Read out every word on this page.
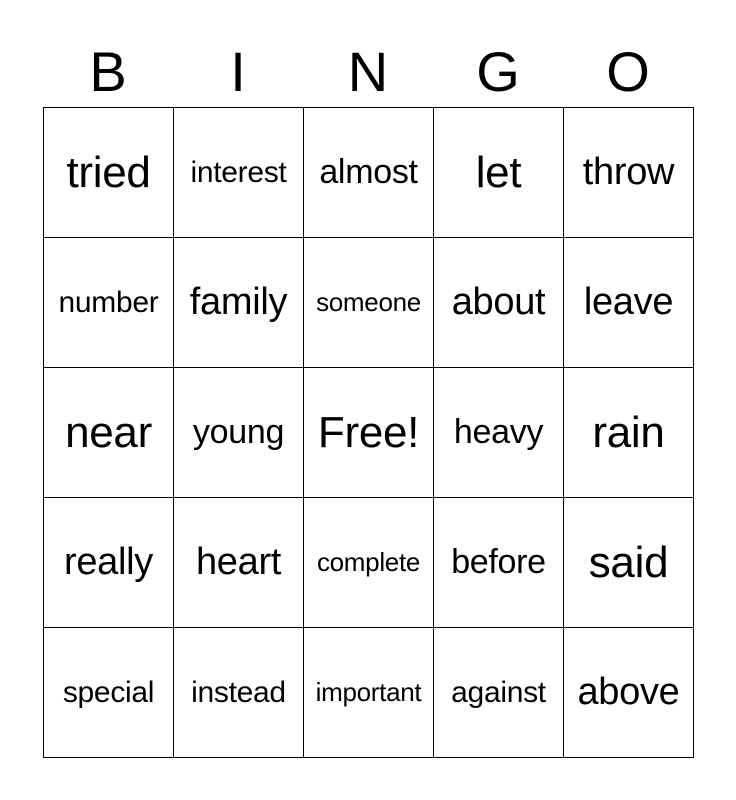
B	I	N	G	O
tried interest almost let throw
number family someone about leave
near young Free! heavy rain
really heart complete before said
special instead important against above
